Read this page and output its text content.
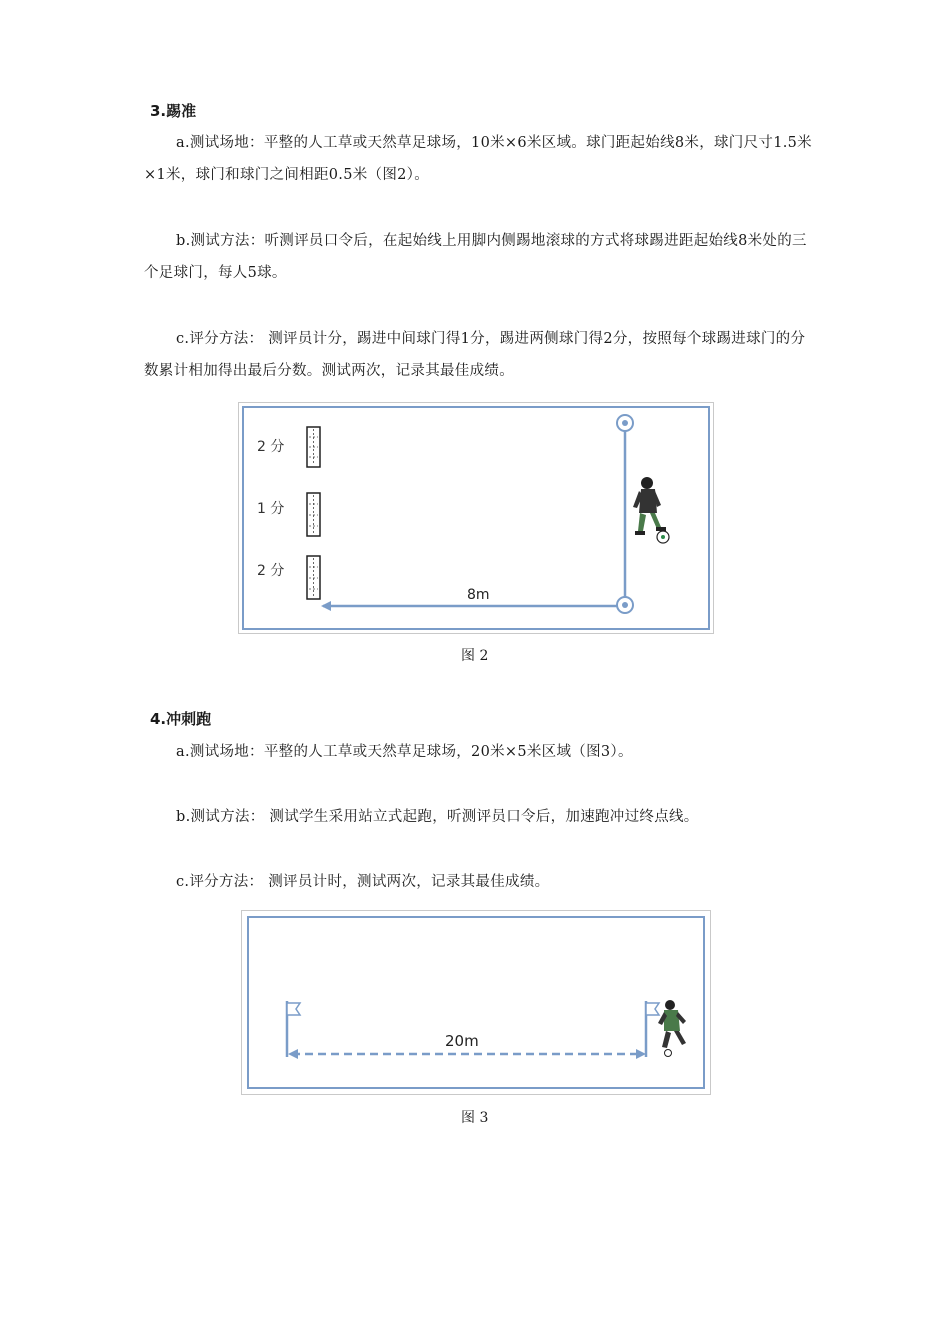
3.踢准
a.测试场地：平整的人工草或天然草足球场，10米×6米区域。球门距起始线8米，球门尺寸1.5米×1米，球门和球门之间相距0.5米（图2）。
b.测试方法：听测评员口令后，在起始线上用脚内侧踢地滚球的方式将球踢进距起始线8米处的三个足球门，每人5球。
c.评分方法： 测评员计分，踢进中间球门得1分，踢进两侧球门得2分，按照每个球踢进球门的分数累计相加得出最后分数。测试两次，记录其最佳成绩。
2 分
1 分
2 分
8m
图 2
4.冲刺跑
a.测试场地：平整的人工草或天然草足球场，20米×5米区域（图3）。
b.测试方法： 测试学生采用站立式起跑，听测评员口令后，加速跑冲过终点线。
c.评分方法： 测评员计时，测试两次，记录其最佳成绩。
20m
图 3
